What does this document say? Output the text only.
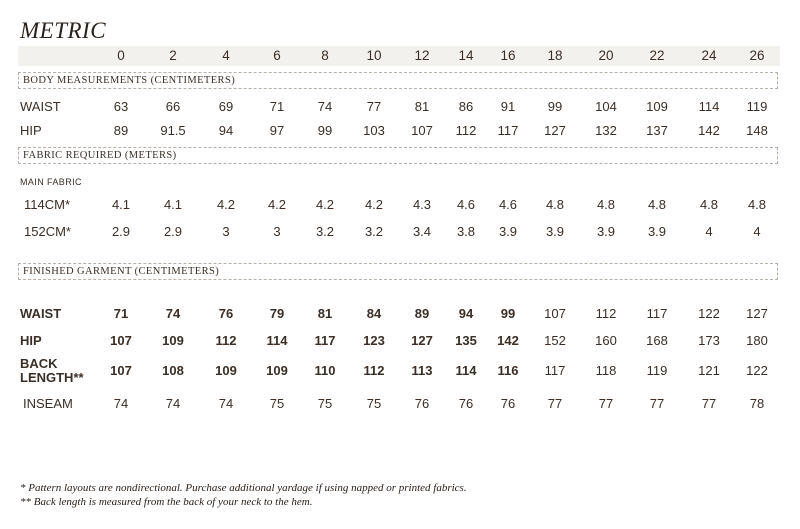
METRIC
0	2	4	6	8	10	12	14	16	18	20	22	24	26
BODY MEASUREMENTS (CENTIMETERS)
WAIST	63	66	69	71	74	77	81	86	91	99	104	109	114	119
HIP	89	91.5	94	97	99	103	107	112	117	127	132	137	142	148
FABRIC REQUIRED (METERS)
MAIN FABRIC
114CM*	4.1	4.1	4.2	4.2	4.2	4.2	4.3	4.6	4.6	4.8	4.8	4.8	4.8	4.8
152CM*	2.9	2.9	3	3	3.2	3.2	3.4	3.8	3.9	3.9	3.9	3.9	4	4
FINISHED GARMENT (CENTIMETERS)
WAIST	71	74	76	79	81	84	89	94	99	107	112	117	122	127
HIP	107	109	112	114	117	123	127	135	142	152	160	168	173	180
BACK
LENGTH**	107	108	109	109	110	112	113	114	116	117	118	119	121	122
INSEAM	74	74	74	75	75	75	76	76	76	77	77	77	77	78
* Pattern layouts are nondirectional. Purchase additional yardage if using napped or printed fabrics.
** Back length is measured from the back of your neck to the hem.
